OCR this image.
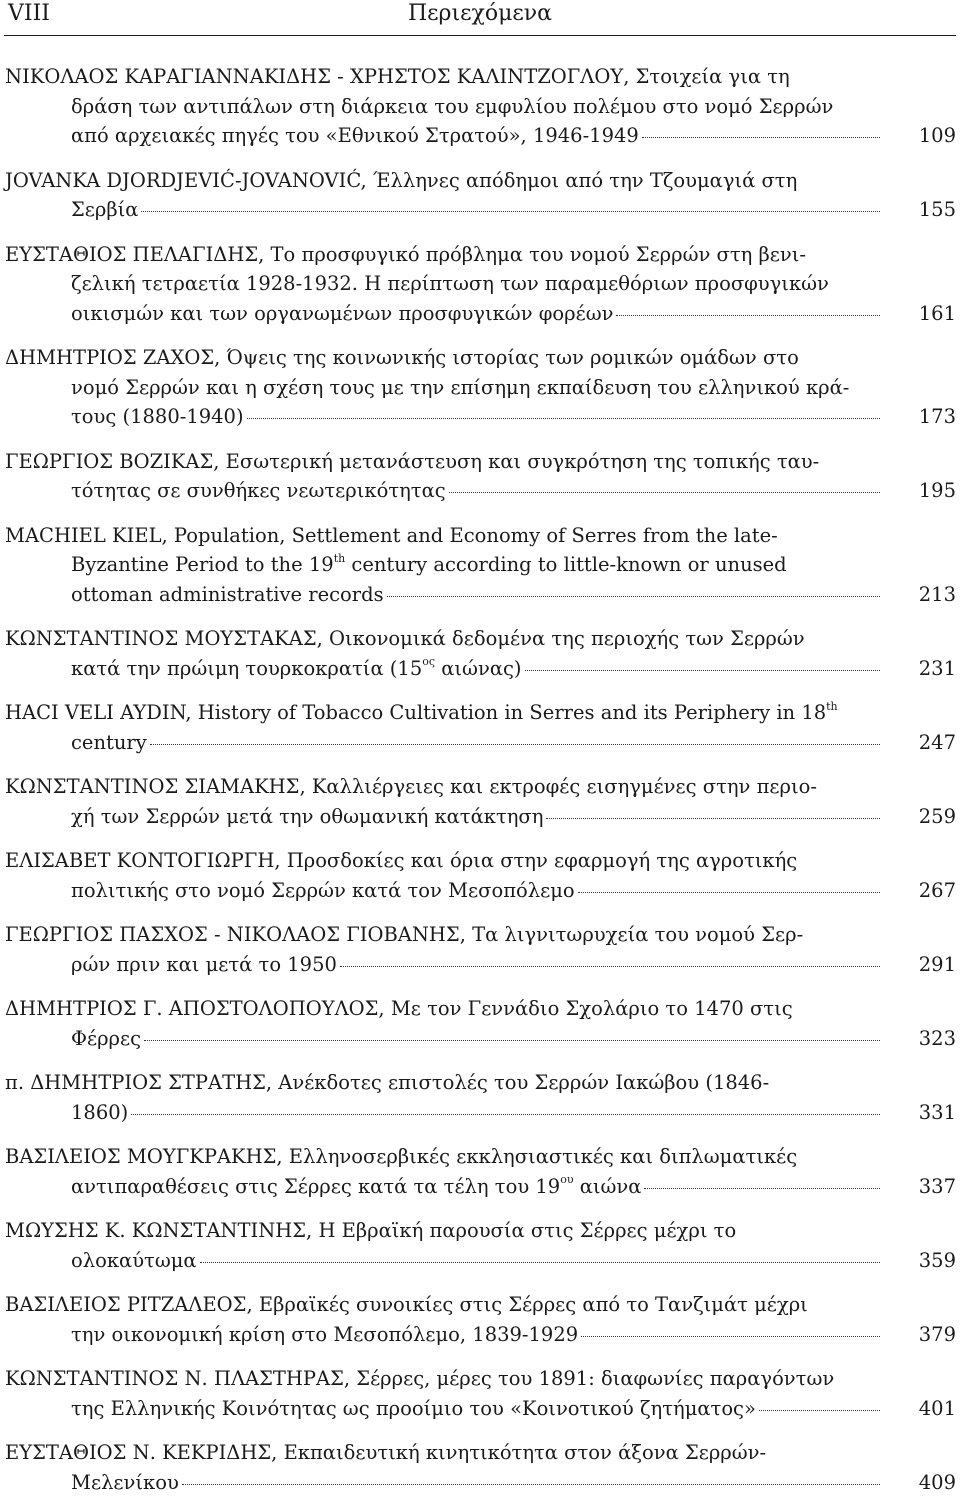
VIII	Περιεχόμενα
ΝΙΚΟΛΑΟΣ ΚΑΡΑΓΙΑΝΝΑΚΙΔΗΣ - ΧΡΗΣΤΟΣ ΚΑΛΙΝΤΖΟΓΛΟΥ, Στοιχεία για τη
δράση των αντιπάλων στη διάρκεια του εμφυλίου πολέμου στο νομό Σερρών
από αρχειακές πηγές του «Εθνικού Στρατού», 1946-1949	109
JOVANKA DJORDJEVIĆ-JOVANOVIĆ, Έλληνες απόδημοι από την Τζουμαγιά στη
Σερβία	155
ΕΥΣΤΑΘΙΟΣ ΠΕΛΑΓΙΔΗΣ, Το προσφυγικό πρόβλημα του νομού Σερρών στη βενι-
ζελική τετραετία 1928-1932. Η περίπτωση των παραμεθόριων προσφυγικών
οικισμών και των οργανωμένων προσφυγικών φορέων	161
ΔΗΜΗΤΡΙΟΣ ΖΑΧΟΣ, Όψεις της κοινωνικής ιστορίας των ρομικών ομάδων στο
νομό Σερρών και η σχέση τους με την επίσημη εκπαίδευση του ελληνικού κρά-
τους (1880-1940)	173
ΓΕΩΡΓΙΟΣ ΒΟΖΙΚΑΣ, Εσωτερική μετανάστευση και συγκρότηση της τοπικής ταυ-
τότητας σε συνθήκες νεωτερικότητας	195
MACHIEL KIEL, Population, Settlement and Economy of Serres from the late-
Byzantine Period to the 19th century according to little-known or unused
ottoman administrative records	213
ΚΩΝΣΤΑΝΤΙΝΟΣ ΜΟΥΣΤΑΚΑΣ, Οικονομικά δεδομένα της περιοχής των Σερρών
κατά την πρώιμη τουρκοκρατία ($15^{o\varsigma}$ αιώνας)	231
HACI VELI AYDIN, History of Tobacco Cultivation in Serres and its Periphery in 18th
century	247
ΚΩΝΣΤΑΝΤΙΝΟΣ ΣΙΑΜΑΚΗΣ, Καλλιέργειες και εκτροφές εισηγμένες στην περιο-
χή των Σερρών μετά την οθωμανική κατάκτηση	259
ΕΛΙΣΑΒΕΤ ΚΟΝΤΟΓΙΩΡΓΗ, Προσδοκίες και όρια στην εφαρμογή της αγροτικής
πολιτικής στο νομό Σερρών κατά τον Μεσοπόλεμο	267
ΓΕΩΡΓΙΟΣ ΠΑΣΧΟΣ - ΝΙΚΟΛΑΟΣ ΓΙΟΒΑΝΗΣ, Τα λιγνιτωρυχεία του νομού Σερ-
ρών πριν και μετά το 1950	291
ΔΗΜΗΤΡΙΟΣ Γ. ΑΠΟΣΤΟΛΟΠΟΥΛΟΣ, Με τον Γεννάδιο Σχολάριο το 1470 στις
Φέρρες	323
π. ΔΗΜΗΤΡΙΟΣ ΣΤΡΑΤΗΣ, Ανέκδοτες επιστολές του Σερρών Ιακώβου (1846-
1860)	331
ΒΑΣΙΛΕΙΟΣ ΜΟΥΓΚΡΑΚΗΣ, Ελληνοσερβικές εκκλησιαστικές και διπλωματικές
αντιπαραθέσεις στις Σέρρες κατά τα τέλη του $19^{o\upsilon}$ αιώνα	337
ΜΩΥΣΗΣ Κ. ΚΩΝΣΤΑΝΤΙΝΗΣ, Η Εβραϊκή παρουσία στις Σέρρες μέχρι το
ολοκαύτωμα	359
ΒΑΣΙΛΕΙΟΣ ΡΙΤΖΑΛΕΟΣ, Εβραϊκές συνοικίες στις Σέρρες από το Τανζιμάτ μέχρι
την οικονομική κρίση στο Μεσοπόλεμο, 1839-1929	379
ΚΩΝΣΤΑΝΤΙΝΟΣ Ν. ΠΛΑΣΤΗΡΑΣ, Σέρρες, μέρες του 1891: διαφωνίες παραγόντων
της Ελληνικής Κοινότητας ως προοίμιο του «Κοινοτικού ζητήματος»	401
ΕΥΣΤΑΘΙΟΣ Ν. ΚΕΚΡΙΔΗΣ, Εκπαιδευτική κινητικότητα στον άξονα Σερρών-
Μελενίκου	409
